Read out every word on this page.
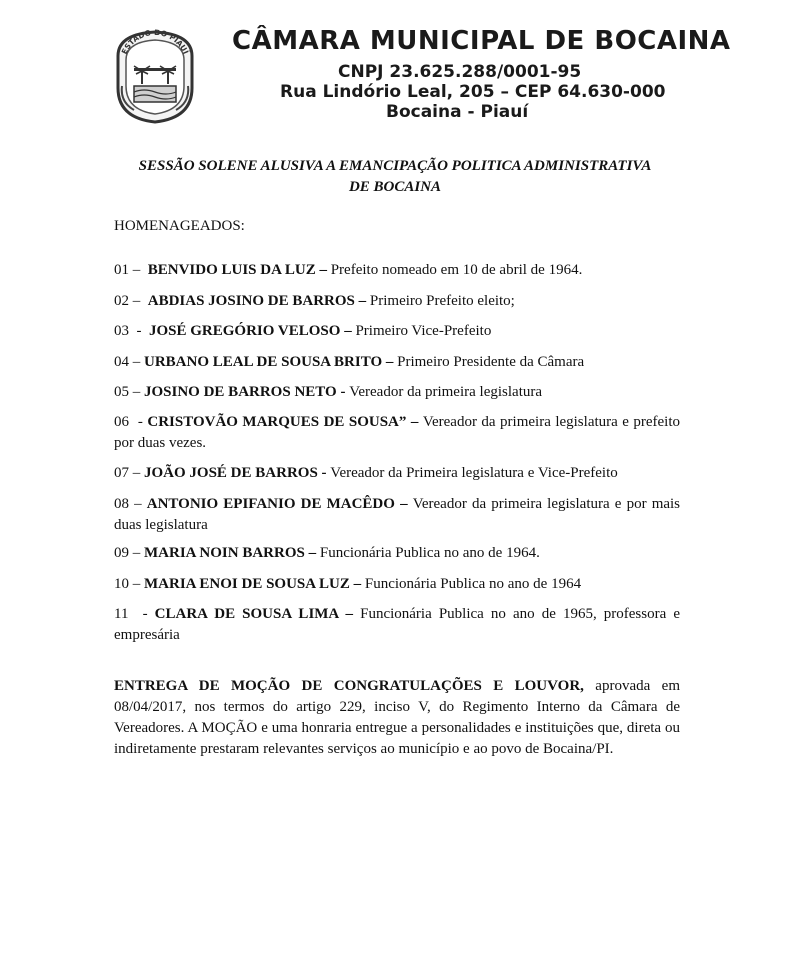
ESTADO DO PIAUÍ CÂMARA MUNICIPAL DE BOCAINA
CNPJ 23.625.288/0001-95
Rua Lindório Leal, 205 – CEP 64.630-000
Bocaina - Piauí
SESSÃO SOLENE ALUSIVA A EMANCIPAÇÃO POLITICA ADMINISTRATIVA
DE BOCAINA
HOMENAGEADOS:
01 –  BENVIDO LUIS DA LUZ – Prefeito nomeado em 10 de abril de 1964.
02 –  ABDIAS JOSINO DE BARROS – Primeiro Prefeito eleito;
03  -  JOSÉ GREGÓRIO VELOSO – Primeiro Vice-Prefeito
04 – URBANO LEAL DE SOUSA BRITO – Primeiro Presidente da Câmara
05 – JOSINO DE BARROS NETO - Vereador da primeira legislatura
06  - CRISTOVÃO MARQUES DE SOUSA” – Vereador da primeira legislatura e prefeito por duas vezes.
07 – JOÃO JOSÉ DE BARROS - Vereador da Primeira legislatura e Vice-Prefeito
08 – ANTONIO EPIFANIO DE MACÊDO – Vereador da primeira legislatura e por mais duas legislatura
09 – MARIA NOIN BARROS – Funcionária Publica no ano de 1964.
10 – MARIA ENOI DE SOUSA LUZ – Funcionária Publica no ano de 1964
11  - CLARA DE SOUSA LIMA – Funcionária Publica no ano de 1965, professora e empresária
ENTREGA DE MOÇÃO DE CONGRATULAÇÕES E LOUVOR, aprovada em 08/04/2017, nos termos do artigo 229, inciso V, do Regimento Interno da Câmara de Vereadores. A MOÇÃO e uma honraria entregue a personalidades e instituições que, direta ou indiretamente prestaram relevantes serviços ao município e ao povo de Bocaina/PI.
